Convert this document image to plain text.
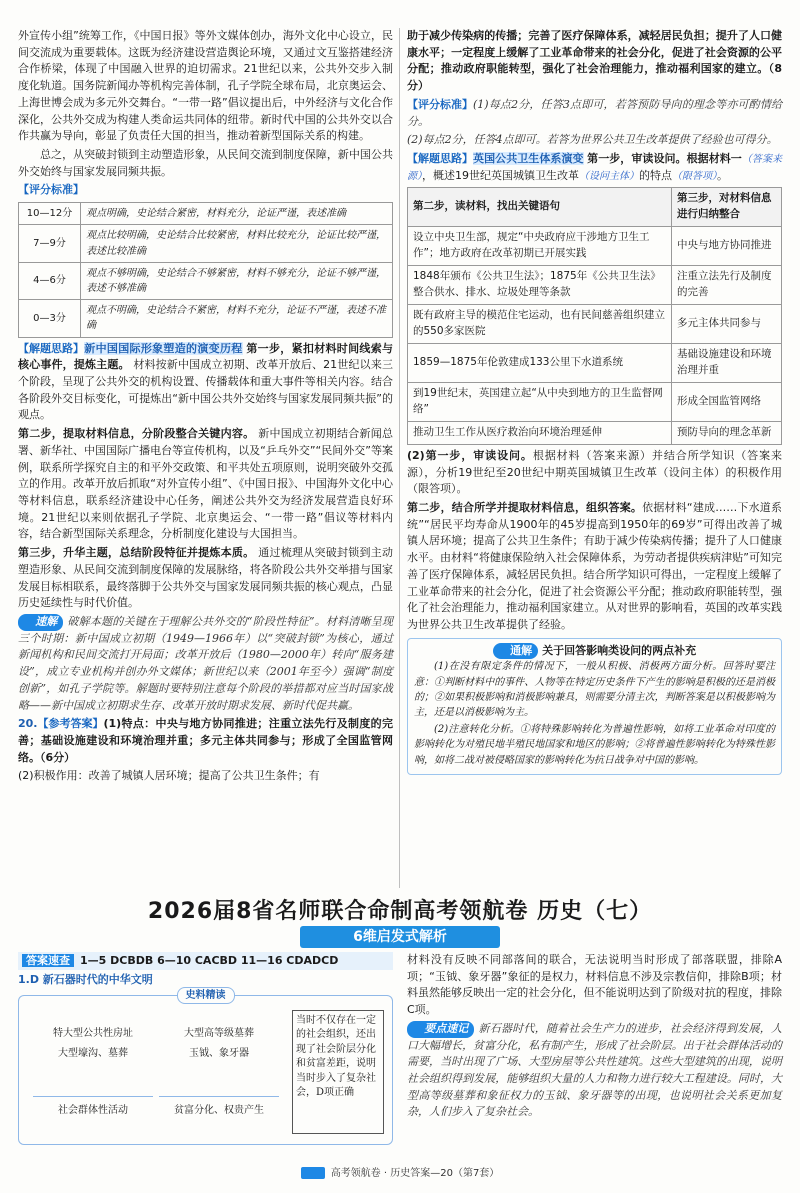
外宣传小组”统筹工作，《中国日报》等外文媒体创办，海外文化中心设立，民间交流成为重要载体。这既为经济建设营造舆论环境，又通过文互鉴搭建经济合作桥梁，体现了中国融入世界的迫切需求。21世纪以来，公共外交步入制度化轨道。国务院新闻办等机构完善体制，孔子学院全球布局，北京奥运会、上海世博会成为多元外交舞台。“一带一路”倡议提出后，中外经济与文化合作深化，公共外交成为构建人类命运共同体的纽带。新时代中国的公共外交以合作共赢为导向，彰显了负责任大国的担当，推动着新型国际关系的构建。

总之，从突破封锁到主动塑造形象，从民间交流到制度保障，新中国公共外交始终与国家发展同频共振。

【评分标准】
10—12分	观点明确，史论结合紧密，材料充分，论证严谨，表述准确
7—9分	观点比较明确，史论结合比较紧密，材料比较充分，论证比较严谨，表述比较准确
4—6分	观点不够明确，史论结合不够紧密，材料不够充分，论证不够严谨，表述不够准确
0—3分	观点不明确，史论结合不紧密，材料不充分，论证不严谨，表述不准确

【解题思路】新中国国际形象塑造的演变历程 第一步，紧扣材料时间线索与核心事件，提炼主题。 材料按新中国成立初期、改革开放后、21世纪以来三个阶段，呈现了公共外交的机构设置、传播载体和重大事件等相关内容。结合各阶段外交目标变化，可提炼出“新中国公共外交始终与国家发展同频共振”的观点。

第二步，提取材料信息，分阶段整合关键内容。 新中国成立初期结合新闻总署、新华社、中国国际广播电台等宣传机构，以及“乒乓外交”“民间外交”等案例，联系所学探究自主的和平外交政策、和平共处五项原则，说明突破外交孤立的作用。改革开放后抓取“对外宣传小组”、《中国日报》、中国海外文化中心等材料信息，联系经济建设中心任务，阐述公共外交为经济发展营造良好环境。21世纪以来则依据孔子学院、北京奥运会、“一带一路”倡议等材料内容，结合新型国际关系理念，分析制度化建设与大国担当。

第三步，升华主题，总结阶段特征并提炼本质。 通过梳理从突破封锁到主动塑造形象、从民间交流到制度保障的发展脉络，将各阶段公共外交举措与国家发展目标相联系，最终落脚于公共外交与国家发展同频共振的核心观点，凸显历史延续性与时代价值。

✎ 速解 破解本题的关键在于理解公共外交的“阶段性特征”。材料清晰呈现三个时期：新中国成立初期（1949—1966年）以“突破封锁”为核心，通过新闻机构和民间交流打开局面；改革开放后（1980—2000年）转向“服务建设”，成立专业机构并创办外文媒体；新世纪以来（2001年至今）强调“制度创新”，如孔子学院等。解题时要特别注意每个阶段的举措都对应当时国家战略——新中国成立初期求生存、改革开放时期求发展、新时代促共赢。

20.【参考答案】(1)特点：中央与地方协同推进；注重立法先行及制度的完善；基础设施建设和环境治理并重；多元主体共同参与；形成了全国监管网络。（6分）

(2)积极作用：改善了城镇人居环境；提高了公共卫生条件；有

助于减少传染病的传播；完善了医疗保障体系，减轻居民负担；提升了人口健康水平；一定程度上缓解了工业革命带来的社会分化，促进了社会资源的公平分配；推动政府职能转型，强化了社会治理能力，推动福利国家的建立。（8分）

【评分标准】(1)每点2分，任答3点即可，若答预防导向的理念等亦可酌情给分。

(2)每点2分，任答4点即可。若答为世界公共卫生改革提供了经验也可得分。

【解题思路】英国公共卫生体系演变 第一步，审读设问。根据材料一（答案来源），概述19世纪英国城镇卫生改革（设问主体）的特点（限答项）。

第二步，读材料，找出关键语句	第三步，对材料信息进行归纳整合
设立中央卫生部，规定“中央政府应干涉地方卫生工作”；地方政府在改革初期已开展实践	中央与地方协同推进
1848年颁布《公共卫生法》；1875年《公共卫生法》整合供水、排水、垃圾处理等条款	注重立法先行及制度的完善
既有政府主导的模范住宅运动，也有民间慈善组织建立的550多家医院	多元主体共同参与
1859—1875年伦敦建成133公里下水道系统	基础设施建设和环境治理并重
到19世纪末，英国建立起“从中央到地方的卫生监督网络”	形成全国监管网络
推动卫生工作从医疗救治向环境治理延伸	预防导向的理念革新

(2)第一步，审读设问。根据材料（答案来源）并结合所学知识（答案来源），分析19世纪至20世纪中期英国城镇卫生改革（设问主体）的积极作用（限答项）。

第二步，结合所学并提取材料信息，组织答案。依据材料“建成……下水道系统”“居民平均寿命从1900年的45岁提高到1950年的69岁”可得出改善了城镇人居环境；提高了公共卫生条件；有助于减少传染病传播；提升了人口健康水平。由材料“将健康保险纳入社会保障体系，为劳动者提供疾病津贴”可知完善了医疗保障体系，减轻居民负担。结合所学知识可得出，一定程度上缓解了工业革命带来的社会分化，促进了社会资源公平分配；推动政府职能转型，强化了社会治理能力，推动福利国家建立。从对世界的影响看，英国的改革实践为世界公共卫生改革提供了经验。

✎ 通解 关于回答影响类设问的两点补充

(1)在没有限定条件的情况下，一般从积极、消极两方面分析。回答时要注意：①判断材料中的事件、人物等在特定历史条件下产生的影响是积极的还是消极的；②如果积极影响和消极影响兼具，则需要分清主次，判断答案是以积极影响为主，还是以消极影响为主。

(2)注意转化分析。①将特殊影响转化为普遍性影响，如将工业革命对印度的影响转化为对殖民地半殖民地国家和地区的影响；②将普遍性影响转化为特殊性影响，如将二战对被侵略国家的影响转化为抗日战争对中国的影响。

2026届8省名师联合命制高考领航卷 历史（七）
6维启发式解析
答案速查 1—5 DCBDB 6—10 CACBD 11—16 CDADCD

1.D 新石器时代的中华文明

史料精读
特大型公共性房址
大型壕沟、墓葬
大型高等级墓葬
玉钺、象牙器
社会群体性活动	贫富分化、权贵产生
当时不仅存在一定的社会组织，还出现了社会阶层分化和贫富差距，说明当时步入了复杂社会，D项正确

材料没有反映不同部落间的联合，无法说明当时形成了部落联盟，排除A项；“玉钺、象牙器”象征的是权力，材料信息不涉及宗教信仰，排除B项；材料虽然能够反映出一定的社会分化，但不能说明达到了阶级对抗的程度，排除C项。

✎ 要点速记 新石器时代，随着社会生产力的进步，社会经济得到发展，人口大幅增长，贫富分化，私有制产生，形成了社会阶层。出于社会群体活动的需要，当时出现了广场、大型房屋等公共性建筑。这些大型建筑的出现，说明社会组织得到发展，能够组织大量的人力和物力进行较大工程建设。同时，大型高等级墓葬和象征权力的玉钺、象牙器等的出现，也说明社会关系更加复杂，人们步入了复杂社会。

高考领航卷 · 历史答案—20（第7套）
